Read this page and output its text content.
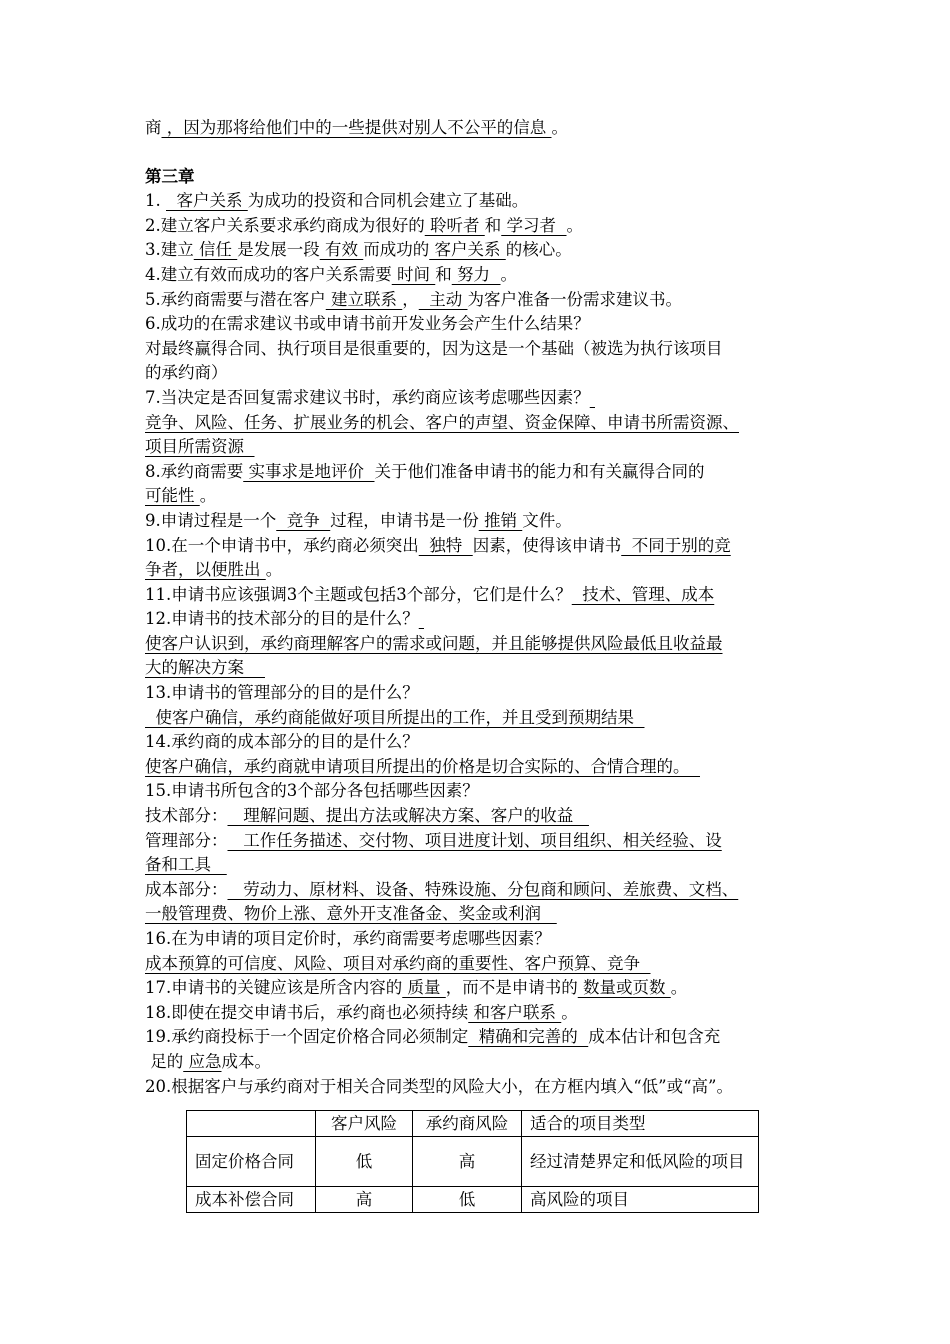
商 ，因为那将给他们中的一些提供对别人不公平的信息 。
第三章
1.   客户关系 为成功的投资和合同机会建立了基础。
2.建立客户关系要求承约商成为很好的 聆听者 和 学习者  。
3.建立 信任 是发展一段 有效 而成功的 客户关系 的核心。
4.建立有效而成功的客户关系需要 时间 和 努力  。
5.承约商需要与潜在客户 建立联系 ，  主动 为客户准备一份需求建议书。
6.成功的在需求建议书或申请书前开发业务会产生什么结果？
对最终赢得合同、执行项目是很重要的，因为这是一个基础（被选为执行该项目
的承约商）
7.当决定是否回复需求建议书时，承约商应该考虑哪些因素？
竞争、风险、任务、扩展业务的机会、客户的声望、资金保障、申请书所需资源、
项目所需资源
8.承约商需要 实事求是地评价  关于他们准备申请书的能力和有关赢得合同的
可能性 。
9.申请过程是一个  竞争  过程，申请书是一份 推销 文件。
10.在一个申请书中，承约商必须突出  独特  因素，使得该申请书  不同于别的竞
争者，以便胜出 。
11.申请书应该强调3个主题或包括3个部分，它们是什么？  技术、管理、成本
12.申请书的技术部分的目的是什么？
使客户认识到，承约商理解客户的需求或问题，并且能够提供风险最低且收益最
大的解决方案
13.申请书的管理部分的目的是什么？
使客户确信，承约商能做好项目所提出的工作，并且受到预期结果
14.承约商的成本部分的目的是什么？
使客户确信，承约商就申请项目所提出的价格是切合实际的、合情合理的。
15.申请书所包含的3个部分各包括哪些因素？
技术部分：   理解问题、提出方法或解决方案、客户的收益
管理部分：   工作任务描述、交付物、项目进度计划、项目组织、相关经验、设
备和工具
成本部分：   劳动力、原材料、设备、特殊设施、分包商和顾问、差旅费、文档、
一般管理费、物价上涨、意外开支准备金、奖金或利润
16.在为申请的项目定价时，承约商需要考虑哪些因素？
成本预算的可信度、风险、项目对承约商的重要性、客户预算、竞争
17.申请书的关键应该是所含内容的 质量 ，而不是申请书的 数量或页数 。
18.即使在提交申请书后，承约商也必须持续 和客户联系 。
19.承约商投标于一个固定价格合同必须制定  精确和完善的  成本估计和包含充
足的 应急成本。
20.根据客户与承约商对于相关合同类型的风险大小，在方框内填入“低”或“高”。
	客户风险	承约商风险	适合的项目类型
固定价格合同	低	高	经过清楚界定和低风险的项目
成本补偿合同	高	低	高风险的项目
